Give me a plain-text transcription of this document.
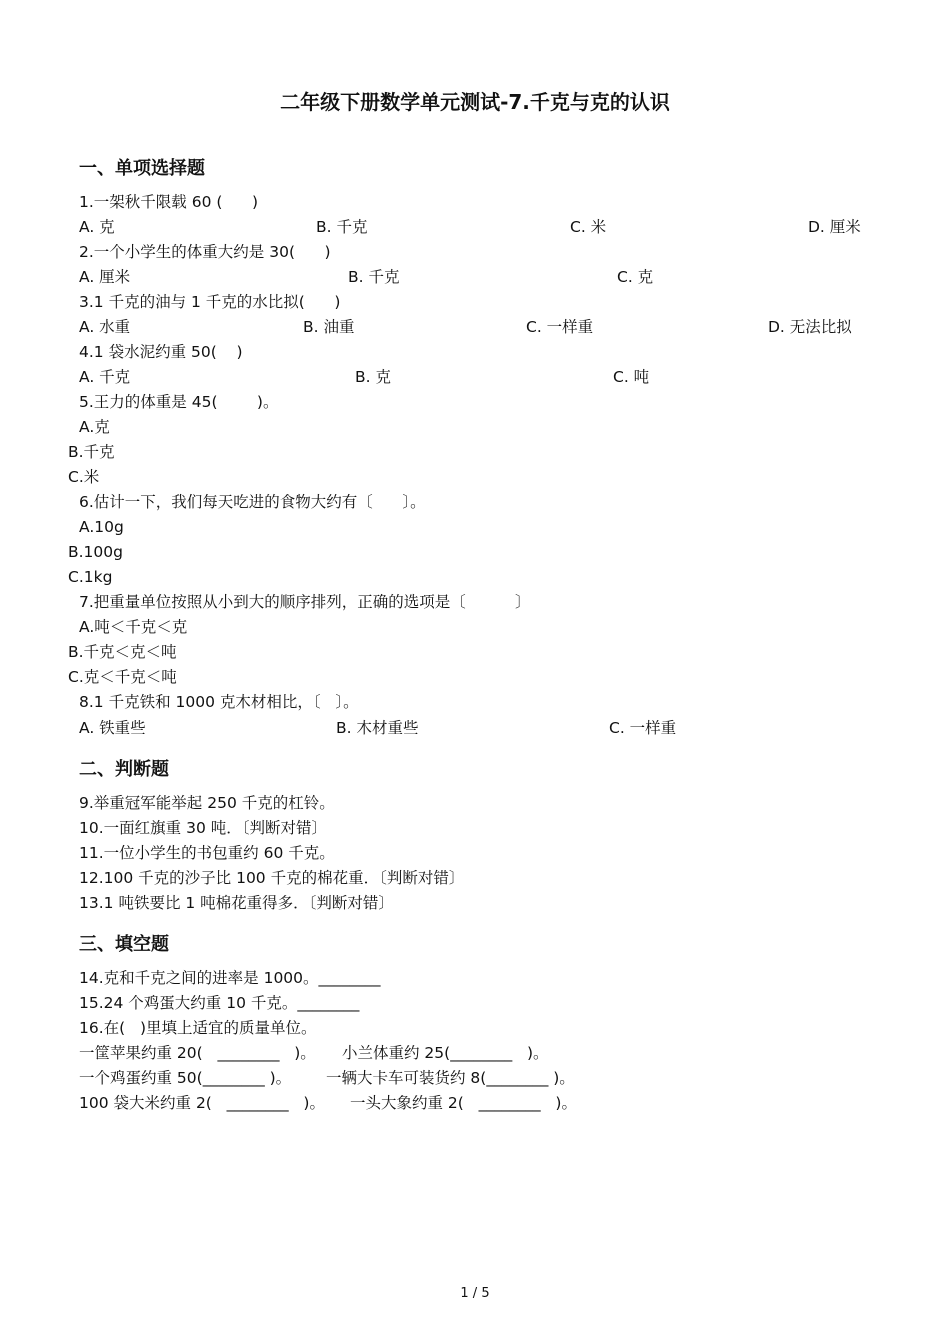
二年级下册数学单元测试-7.千克与克的认识
一、单项选择题
1.一架秋千限载 60 (      )
A. 克	B. 千克	C. 米	D. 厘米
2.一个小学生的体重大约是 30(      )
A. 厘米	B. 千克	C. 克
3.1 千克的油与 1 千克的水比拟(      )
A. 水重	B. 油重	C. 一样重	D. 无法比拟
4.1 袋水泥约重 50(    )
A. 千克	B. 克	C. 吨
5.王力的体重是 45(        )。
A.克
B.千克
C.米
6.估计一下，我们每天吃进的食物大约有〔      〕。
A.10g
B.100g
C.1kg
7.把重量单位按照从小到大的顺序排列，正确的选项是〔          〕
A.吨＜千克＜克
B.千克＜克＜吨
C.克＜千克＜吨
8.1 千克铁和 1000 克木材相比，〔   〕。
A. 铁重些	B. 木材重些	C. 一样重
二、判断题
9.举重冠军能举起 250 千克的杠铃。
10.一面红旗重 30 吨．〔判断对错〕
11.一位小学生的书包重约 60 千克。
12.100 千克的沙子比 100 千克的棉花重．〔判断对错〕
13.1 吨铁要比 1 吨棉花重得多．〔判断对错〕
三、填空题
14.克和千克之间的进率是 1000。________
15.24 个鸡蛋大约重 10 千克。________
16.在(   )里填上适宜的质量单位。
一筐苹果约重 20(   ________   )。 小兰体重约 25(________   )。
一个鸡蛋约重 50(________ )。 一辆大卡车可装货约 8(________ )。
100 袋大米约重 2(   ________   )。 一头大象约重 2(   ________   )。
1 / 5
